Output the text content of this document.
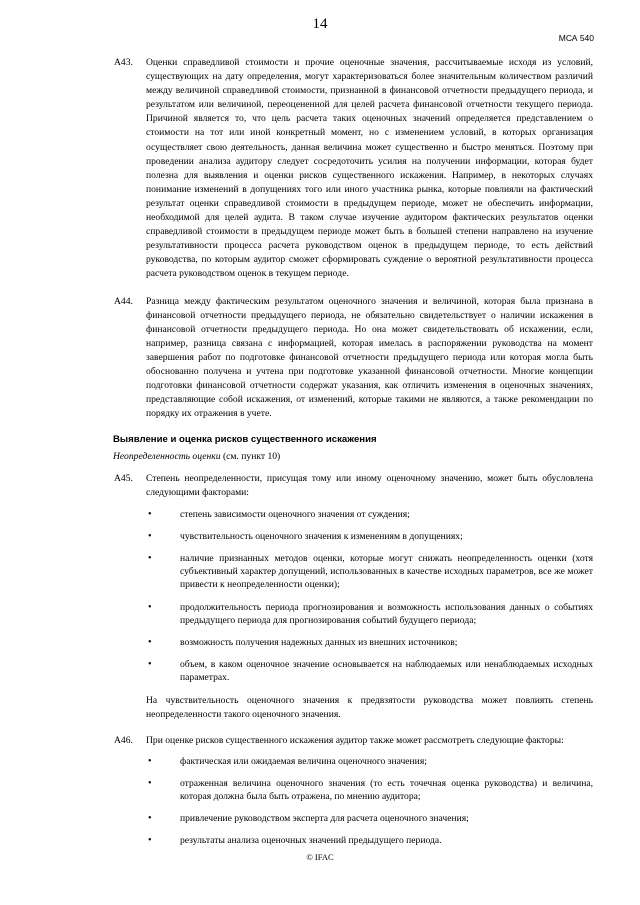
14
МСА 540
A43. Оценки справедливой стоимости и прочие оценочные значения, рассчитываемые исходя из условий, существующих на дату определения, могут характеризоваться более значительным количеством различий между величиной справедливой стоимости, признанной в финансовой отчетности предыдущего периода, и результатом или величиной, переоцененной для целей расчета финансовой отчетности текущего периода. Причиной является то, что цель расчета таких оценочных значений определяется представлением о стоимости на тот или иной конкретный момент, но с изменением условий, в которых организация осуществляет свою деятельность, данная величина может существенно и быстро меняться. Поэтому при проведении анализа аудитору следует сосредоточить усилия на получении информации, которая будет полезна для выявления и оценки рисков существенного искажения. Например, в некоторых случаях понимание изменений в допущениях того или иного участника рынка, которые повлияли на фактический результат оценки справедливой стоимости в предыдущем периоде, может не обеспечить информации, необходимой для целей аудита. В таком случае изучение аудитором фактических результатов оценки справедливой стоимости в предыдущем периоде может быть в большей степени направлено на изучение результативности процесса расчета руководством оценок в предыдущем периоде, то есть действий руководства, по которым аудитор сможет сформировать суждение о вероятной результативности процесса расчета руководством оценок в текущем периоде.
A44. Разница между фактическим результатом оценочного значения и величиной, которая была признана в финансовой отчетности предыдущего периода, не обязательно свидетельствует о наличии искажения в финансовой отчетности предыдущего периода. Но она может свидетельствовать об искажении, если, например, разница связана с информацией, которая имелась в распоряжении руководства на момент завершения работ по подготовке финансовой отчетности предыдущего периода или которая могла быть обоснованно получена и учтена при подготовке указанной финансовой отчетности. Многие концепции подготовки финансовой отчетности содержат указания, как отличить изменения в оценочных значениях, представляющие собой искажения, от изменений, которые такими не являются, а также рекомендации по порядку их отражения в учете.
Выявление и оценка рисков существенного искажения
Неопределенность оценки (см. пункт 10)
A45. Степень неопределенности, присущая тому или иному оценочному значению, может быть обусловлена следующими факторами:
• степень зависимости оценочного значения от суждения;
• чувствительность оценочного значения к изменениям в допущениях;
• наличие признанных методов оценки, которые могут снижать неопределенность оценки (хотя субъективный характер допущений, использованных в качестве исходных параметров, все же может привести к неопределенности оценки);
• продолжительность периода прогнозирования и возможность использования данных о событиях предыдущего периода для прогнозирования событий будущего периода;
• возможность получения надежных данных из внешних источников;
• объем, в каком оценочное значение основывается на наблюдаемых или ненаблюдаемых исходных параметрах.
На чувствительность оценочного значения к предвзятости руководства может повлиять степень неопределенности такого оценочного значения.
A46. При оценке рисков существенного искажения аудитор также может рассмотреть следующие факторы:
• фактическая или ожидаемая величина оценочного значения;
• отраженная величина оценочного значения (то есть точечная оценка руководства) и величина, которая должна была быть отражена, по мнению аудитора;
• привлечение руководством эксперта для расчета оценочного значения;
• результаты анализа оценочных значений предыдущего периода.
© IFAC
